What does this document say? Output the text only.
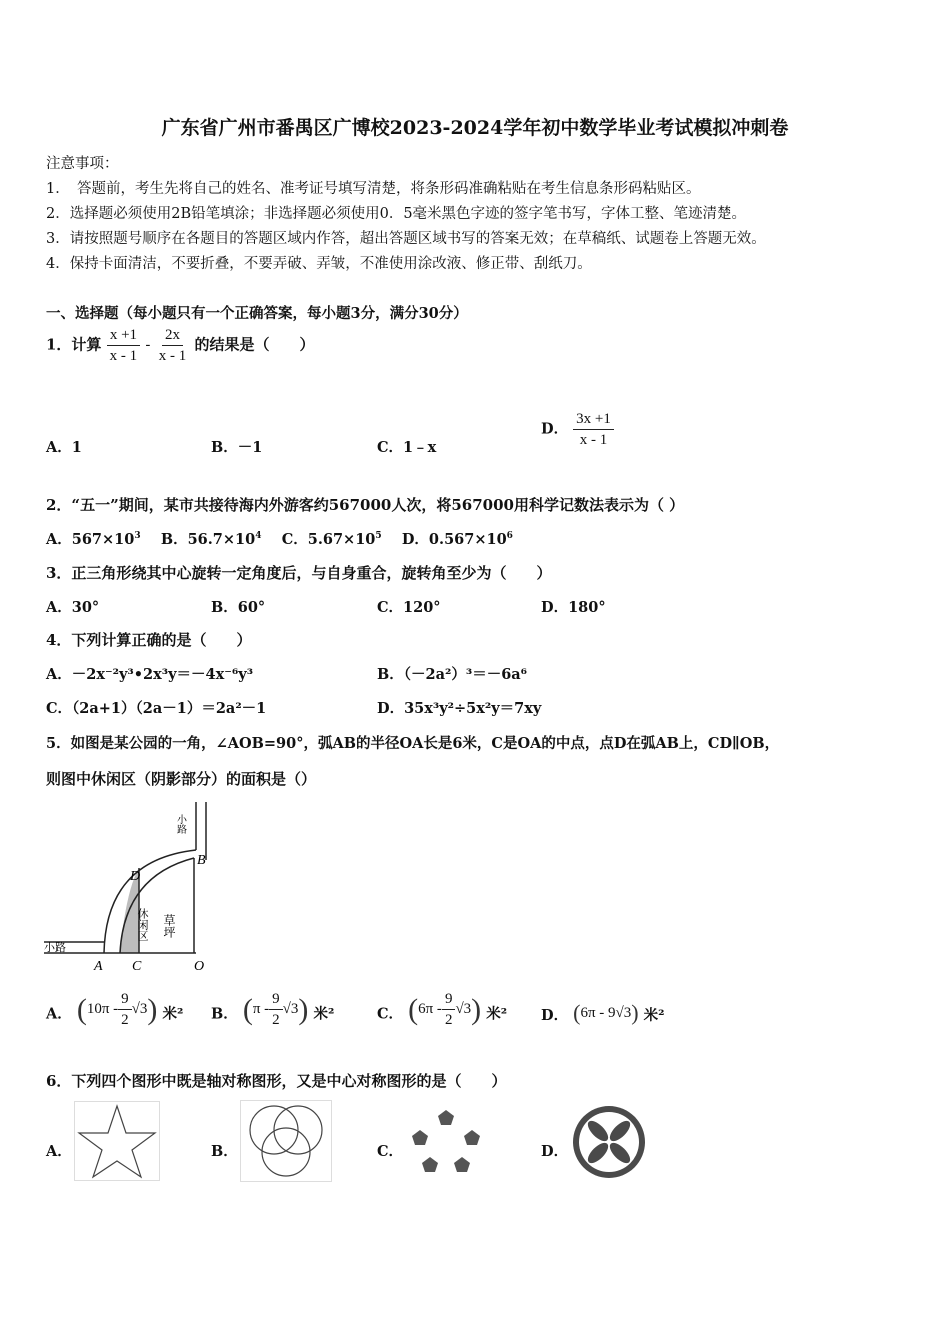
广东省广州市番禺区广博校2023-2024学年初中数学毕业考试模拟冲刺卷
注意事项：
1．　答题前，考生先将自己的姓名、准考证号填写清楚，将条形码准确粘贴在考生信息条形码粘贴区。
2．选择题必须使用2B铅笔填涂；非选择题必须使用0．5毫米黑色字迹的签字笔书写，字体工整、笔迹清楚。
3．请按照题号顺序在各题目的答题区域内作答，超出答题区域书写的答案无效；在草稿纸、试题卷上答题无效。
4．保持卡面清洁，不要折叠，不要弄破、弄皱，不准使用涂改液、修正带、刮纸刀。
一、选择题（每小题只有一个正确答案，每小题3分，满分30分）
1．计算 $\frac{x +1}{x - 1} - \frac{2x}{x - 1}$ 的结果是（　　）
A．1	B．－1	C．1﹣x
D． $\frac{3x +1}{x - 1}$
2．“五一”期间，某市共接待海内外游客约567000人次，将567000用科学记数法表示为（ ）
A．$567\times 10^3$ B．$56.7\times 10^4$ C．$5.67\times 10^5$ D．$0.567\times 10^6$
3．正三角形绕其中心旋转一定角度后，与自身重合，旋转角至少为（　　）
A．30°	B．60°	C．120°	D．180°
4．下列计算正确的是（　　）
A．－2x⁻²y³•2x³y＝－4x⁻⁶y³	B．（－2a²）³＝－6a⁶
C．（2a+1）（2a－1）＝2a²－1	D．35x³y²÷5x²y＝7xy
5．如图是某公园的一角，∠AOB=90°，弧AB的半径OA长是6米，C是OA的中点，点D在弧AB上，CD∥OB，
则图中休闲区（阴影部分）的面积是（）
小路
小路
休闲区 草坪
B
D
A C	O
A． ( $10\pi - \frac{9}{2} √3$ ) 米² B． ( π - $\frac{9}{2} √3$ ) 米²	C． ( $6\pi - \frac{9}{2} √3$ ) 米² D． ( 6π - 9√3 ) 米²
6．下列四个图形中既是轴对称图形，又是中心对称图形的是（　　）
A．	B．	C．	D．
